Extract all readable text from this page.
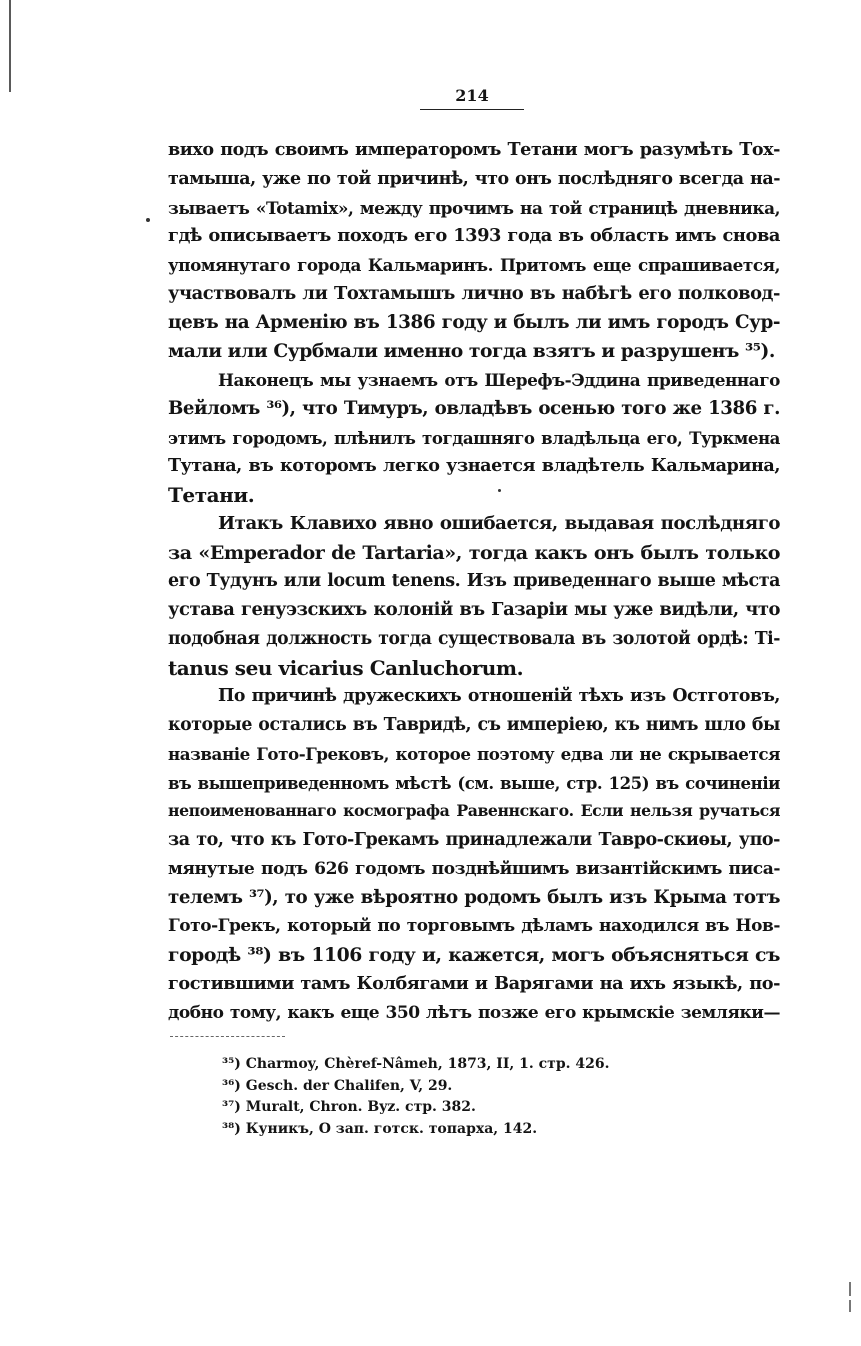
214
вихо подъ своимъ императоромъ Тетани могъ разумѣть Тох-
тамыша, уже по той причинѣ, что онъ послѣдняго всегда на-
зываетъ «Totamix», между прочимъ на той страницѣ дневника,
гдѣ описываетъ походъ его 1393 года въ область имъ снова
упомянутаго города Кальмаринъ. Притомъ еще спрашивается,
участвовалъ ли Тохтамышъ лично въ набѣгѣ его полковод-
цевъ на Арменію въ 1386 году и былъ ли имъ городъ Сур-
мали или Сурбмали именно тогда взятъ и разрушенъ ³⁵).
Наконецъ мы узнаемъ отъ Шерефъ-Эддина приведеннаго
Вейломъ ³⁶), что Тимуръ, овладѣвъ осенью того же 1386 г.
этимъ городомъ, плѣнилъ тогдашняго владѣльца его, Туркмена
Тутана, въ которомъ легко узнается владѣтель Кальмарина,
Тетани.
Итакъ Клавихо явно ошибается, выдавая послѣдняго
за «Emperador de Tartaria», тогда какъ онъ былъ только
его Тудунъ или locum tenens. Изъ приведеннаго выше мѣста
устава генуэзскихъ колоній въ Газаріи мы уже видѣли, что
подобная должность тогда существовала въ золотой ордѣ: Ti-
tanus seu vicarius Canluchorum.
По причинѣ дружескихъ отношеній тѣхъ изъ Остготовъ,
которые остались въ Тавридѣ, съ имперіею, къ нимъ шло бы
названіе Гото-Грековъ, которое поэтому едва ли не скрывается
въ вышеприведенномъ мѣстѣ (см. выше, стр. 125) въ сочиненіи
непоименованнаго космографа Равеннскаго. Если нельзя ручаться
за то, что къ Гото-Грекамъ принадлежали Тавро-скиѳы, упо-
мянутые подъ 626 годомъ позднѣйшимъ византійскимъ писа-
телемъ ³⁷), то уже вѣроятно родомъ былъ изъ Крыма тотъ
Гото-Грекъ, который по торговымъ дѣламъ находился въ Нов-
городѣ ³⁸) въ 1106 году и, кажется, могъ объясняться съ
гостившими тамъ Колбягами и Варягами на ихъ языкѣ, по-
добно тому, какъ еще 350 лѣтъ позже его крымскіе земляки—
³⁵) Charmoy, Chèref-Nâmeh, 1873, II, 1. стр. 426.
³⁶) Gesch. der Chalifen, V, 29.
³⁷) Muralt, Chron. Byz. стр. 382.
³⁸) Куникъ, О зап. готск. топарха, 142.
